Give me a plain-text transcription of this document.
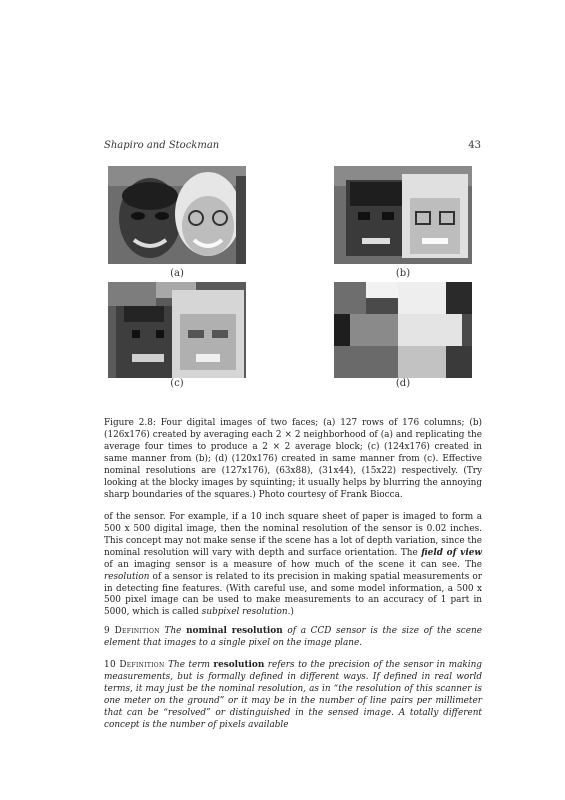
Shapiro and Stockman	43
(a)	(b)
(c)	(d)
Figure 2.8: Four digital images of two faces; (a) 127 rows of 176 columns; (b) (126x176) created by averaging each 2 × 2 neighborhood of (a) and replicating the average four times to produce a 2 × 2 average block; (c) (124x176) created in same manner from (b); (d) (120x176) created in same manner from (c). Effective nominal resolutions are (127x176), (63x88), (31x44), (15x22) respectively. (Try looking at the blocky images by squinting; it usually helps by blurring the annoying sharp boundaries of the squares.) Photo courtesy of Frank Biocca.
of the sensor. For example, if a 10 inch square sheet of paper is imaged to form a 500 x 500 digital image, then the nominal resolution of the sensor is 0.02 inches. This concept may not make sense if the scene has a lot of depth variation, since the nominal resolution will vary with depth and surface orientation. The field of view of an imaging sensor is a measure of how much of the scene it can see. The resolution of a sensor is related to its precision in making spatial measurements or in detecting fine features. (With careful use, and some model information, a 500 x 500 pixel image can be used to make measurements to an accuracy of 1 part in 5000, which is called subpixel resolution.)
9 Definition The nominal resolution of a CCD sensor is the size of the scene element that images to a single pixel on the image plane.
10 Definition The term resolution refers to the precision of the sensor in making measurements, but is formally defined in different ways. If defined in real world terms, it may just be the nominal resolution, as in “the resolution of this scanner is one meter on the ground” or it may be in the number of line pairs per millimeter that can be “resolved” or distinguished in the sensed image. A totally different concept is the number of pixels available
